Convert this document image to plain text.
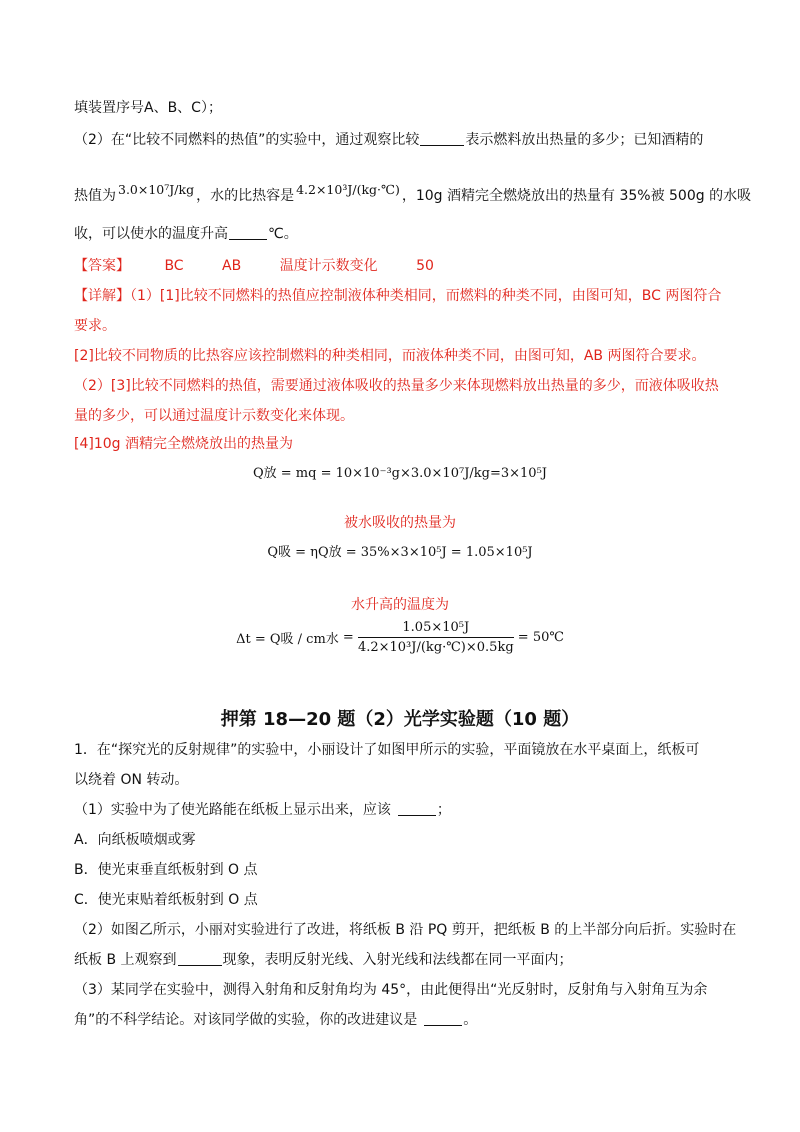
填装置序号A、B、C）；
（2）在“比较不同燃料的热值”的实验中，通过观察比较	表示燃料放出热量的多少；已知酒精的
热值为 3.0×10⁷J/kg ，水的比热容是 4.2×10³J/(kg·℃) ，10g 酒精完全燃烧放出的热量有 35%被 500g 的水吸
收，可以使水的温度升高	℃。
【答案】 BC	AB	温度计示数变化	50
【详解】（1）[1]比较不同燃料的热值应控制液体种类相同，而燃料的种类不同，由图可知，BC 两图符合
要求。
[2]比较不同物质的比热容应该控制燃料的种类相同，而液体种类不同，由图可知，AB 两图符合要求。
（2）[3]比较不同燃料的热值，需要通过液体吸收的热量多少来体现燃料放出热量的多少，而液体吸收热
量的多少，可以通过温度计示数变化来体现。
[4]10g 酒精完全燃烧放出的热量为
Q放 = mq = 10×10⁻³g×3.0×10⁷J/kg=3×10⁵J
被水吸收的热量为
Q吸 = ηQ放 = 35%×3×10⁵J = 1.05×10⁵J
水升高的温度为
Δt = Q吸 / cm水 = $\frac{\text{1.05×10⁵J}}{\text{4.2×10³J/(kg·℃)×0.5kg}}$ = 50℃
押第 18—20 题（2）光学实验题（10 题）
1．在“探究光的反射规律”的实验中，小丽设计了如图甲所示的实验，平面镜放在水平桌面上，纸板可
以绕着 ON 转动。
（1）实验中为了使光路能在纸板上显示出来，应该	；
A．向纸板喷烟或雾
B．使光束垂直纸板射到 O 点
C．使光束贴着纸板射到 O 点
（2）如图乙所示，小丽对实验进行了改进，将纸板 B 沿 PQ 剪开，把纸板 B 的上半部分向后折。实验时在
纸板 B 上观察到	现象，表明反射光线、入射光线和法线都在同一平面内；
（3）某同学在实验中，测得入射角和反射角均为 45°，由此便得出“光反射时，反射角与入射角互为余
角”的不科学结论。对该同学做的实验，你的改进建议是	。
